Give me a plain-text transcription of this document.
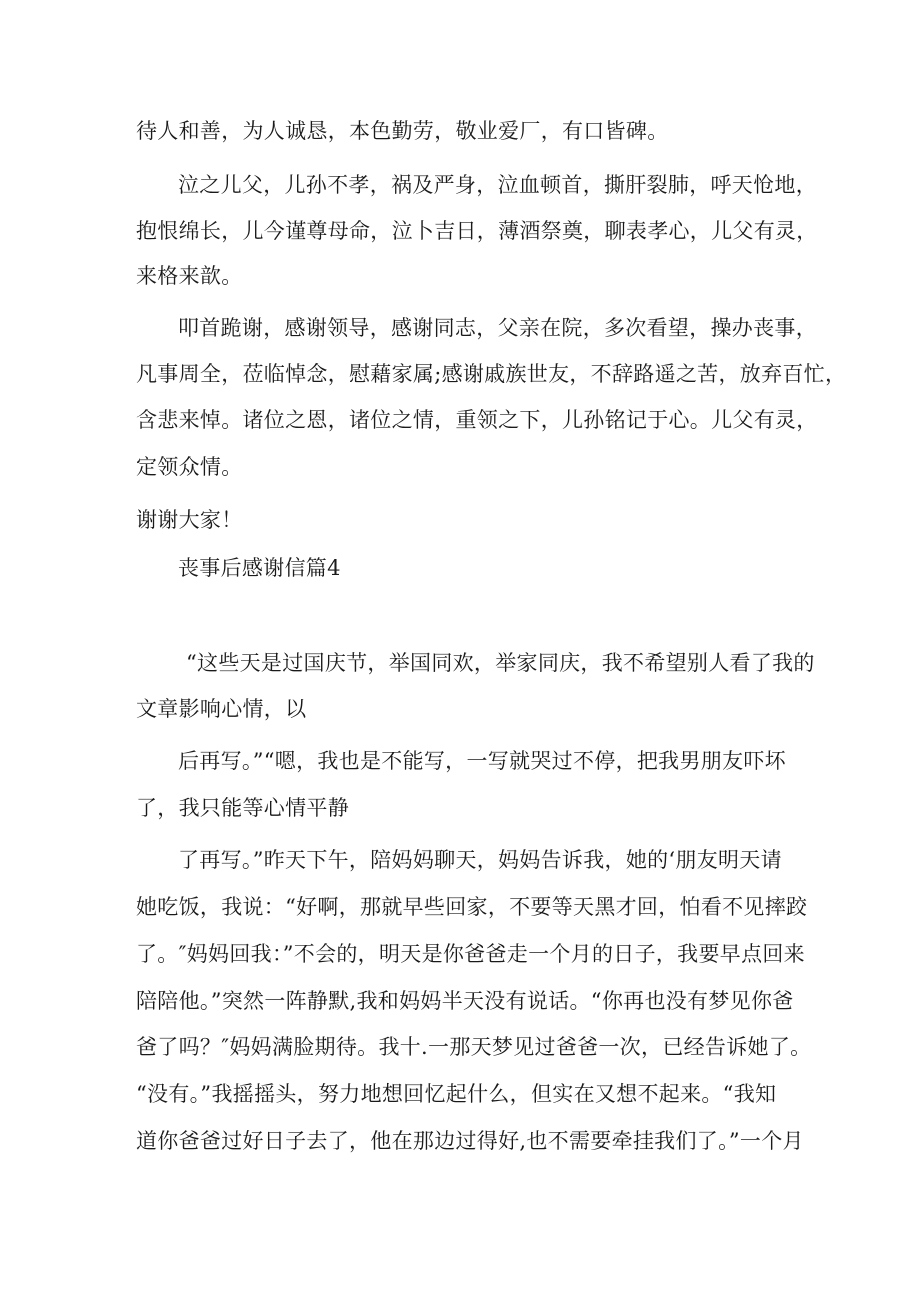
待人和善，为人诚恳，本色勤劳，敬业爱厂，有口皆碑。
泣之儿父，儿孙不孝，祸及严身，泣血顿首，撕肝裂肺，呼天怆地，
抱恨绵长，儿今谨尊母命，泣卜吉日，薄酒祭奠，聊表孝心，儿父有灵，
来格来歆。
叩首跪谢，感谢领导，感谢同志，父亲在院，多次看望，操办丧事，
凡事周全，莅临悼念，慰藉家属;感谢戚族世友，不辞路遥之苦，放弃百忙，
含悲来悼。诸位之恩，诸位之情，重领之下，儿孙铭记于心。儿父有灵，
定领众情。
谢谢大家！
丧事后感谢信篇4
“这些天是过国庆节，举国同欢，举家同庆，我不希望别人看了我的
文章影响心情，以
后再写。”“嗯，我也是不能写，一写就哭过不停，把我男朋友吓坏
了，我只能等心情平静
了再写。”昨天下午，陪妈妈聊天，妈妈告诉我，她的‘朋友明天请
她吃饭，我说：“好啊，那就早些回家，不要等天黑才回，怕看不见摔跤
了。″妈妈回我：”不会的，明天是你爸爸走一个月的日子，我要早点回来
陪陪他。”突然一阵静默,我和妈妈半天没有说话。“你再也没有梦见你爸
爸了吗？″妈妈满脸期待。我十.一那天梦见过爸爸一次，已经告诉她了。
“没有。”我摇摇头，努力地想回忆起什么，但实在又想不起来。“我知
道你爸爸过好日子去了，他在那边过得好,也不需要牵挂我们了。”一个月
